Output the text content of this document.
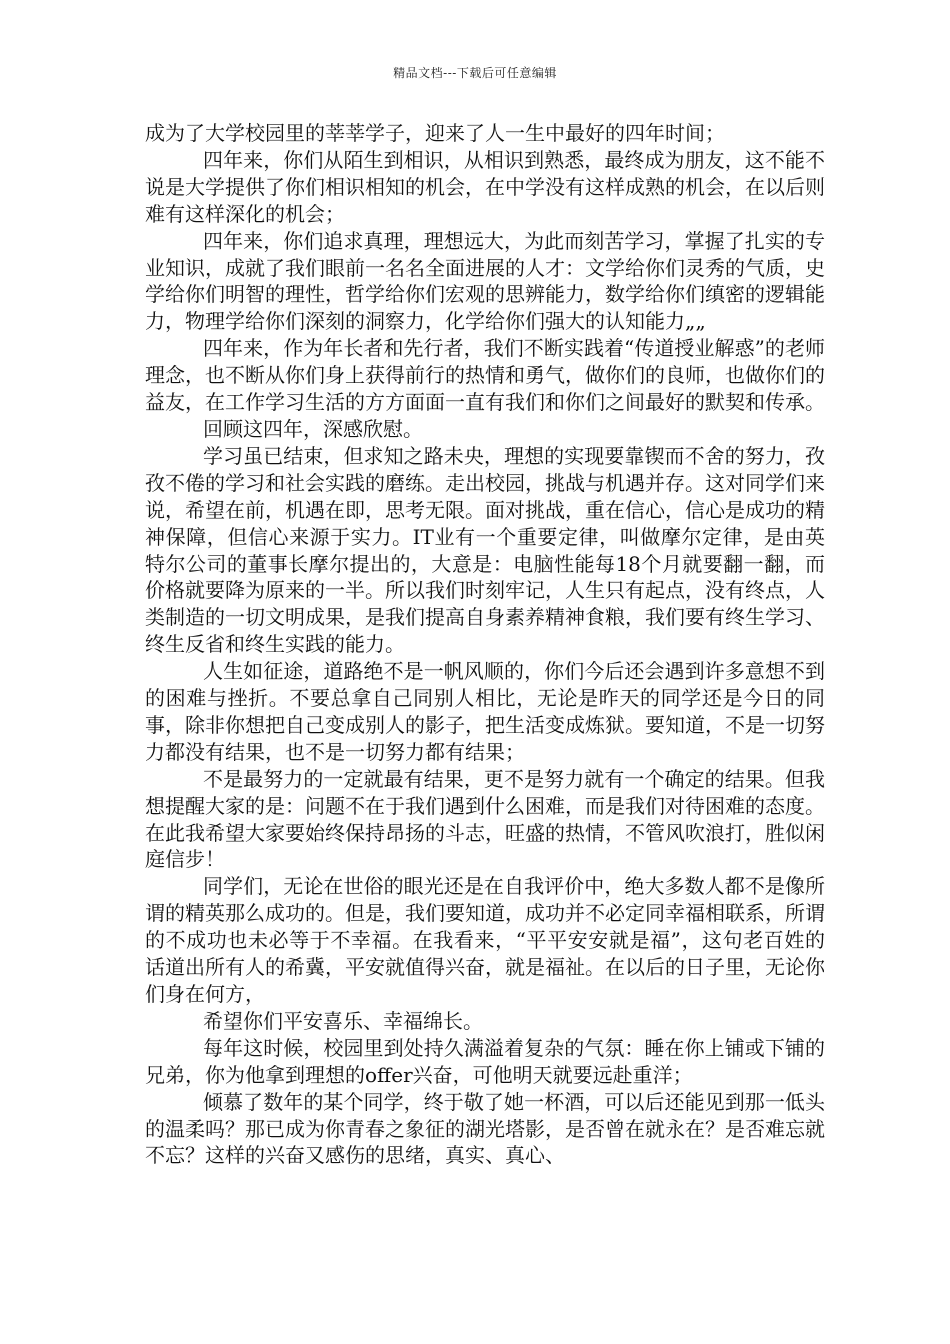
精品文档---下载后可任意编辑

成为了大学校园里的莘莘学子，迎来了人一生中最好的四年时间；

四年来，你们从陌生到相识，从相识到熟悉，最终成为朋友，这不能不说是大学提供了你们相识相知的机会，在中学没有这样成熟的机会，在以后则难有这样深化的机会；

四年来，你们追求真理，理想远大，为此而刻苦学习，掌握了扎实的专业知识，成就了我们眼前一名名全面进展的人才：文学给你们灵秀的气质，史学给你们明智的理性，哲学给你们宏观的思辨能力，数学给你们缜密的逻辑能力，物理学给你们深刻的洞察力，化学给你们强大的认知能力„„

四年来，作为年长者和先行者，我们不断实践着“传道授业解惑”的老师理念，也不断从你们身上获得前行的热情和勇气，做你们的良师，也做你们的益友，在工作学习生活的方方面面一直有我们和你们之间最好的默契和传承。

回顾这四年，深感欣慰。

学习虽已结束，但求知之路未央，理想的实现要靠锲而不舍的努力，孜孜不倦的学习和社会实践的磨练。走出校园，挑战与机遇并存。这对同学们来说，希望在前，机遇在即，思考无限。面对挑战，重在信心，信心是成功的精神保障，但信心来源于实力。IT业有一个重要定律，叫做摩尔定律，是由英特尔公司的董事长摩尔提出的，大意是：电脑性能每18个月就要翻一翻，而价格就要降为原来的一半。所以我们时刻牢记，人生只有起点，没有终点，人类制造的一切文明成果，是我们提高自身素养精神食粮，我们要有终生学习、终生反省和终生实践的能力。

人生如征途，道路绝不是一帆风顺的，你们今后还会遇到许多意想不到的困难与挫折。不要总拿自己同别人相比，无论是昨天的同学还是今日的同事，除非你想把自己变成别人的影子，把生活变成炼狱。要知道，不是一切努力都没有结果，也不是一切努力都有结果；

不是最努力的一定就最有结果，更不是努力就有一个确定的结果。但我想提醒大家的是：问题不在于我们遇到什么困难，而是我们对待困难的态度。在此我希望大家要始终保持昂扬的斗志，旺盛的热情，不管风吹浪打，胜似闲庭信步！

同学们，无论在世俗的眼光还是在自我评价中，绝大多数人都不是像所谓的精英那么成功的。但是，我们要知道，成功并不必定同幸福相联系，所谓的不成功也未必等于不幸福。在我看来，“平平安安就是福”，这句老百姓的话道出所有人的希冀，平安就值得兴奋，就是福祉。在以后的日子里，无论你们身在何方，

希望你们平安喜乐、幸福绵长。

每年这时候，校园里到处持久满溢着复杂的气氛：睡在你上铺或下铺的兄弟，你为他拿到理想的offer兴奋，可他明天就要远赴重洋；

倾慕了数年的某个同学，终于敬了她一杯酒，可以后还能见到那一低头的温柔吗？那已成为你青春之象征的湖光塔影，是否曾在就永在？是否难忘就不忘？这样的兴奋又感伤的思绪，真实、真心、
